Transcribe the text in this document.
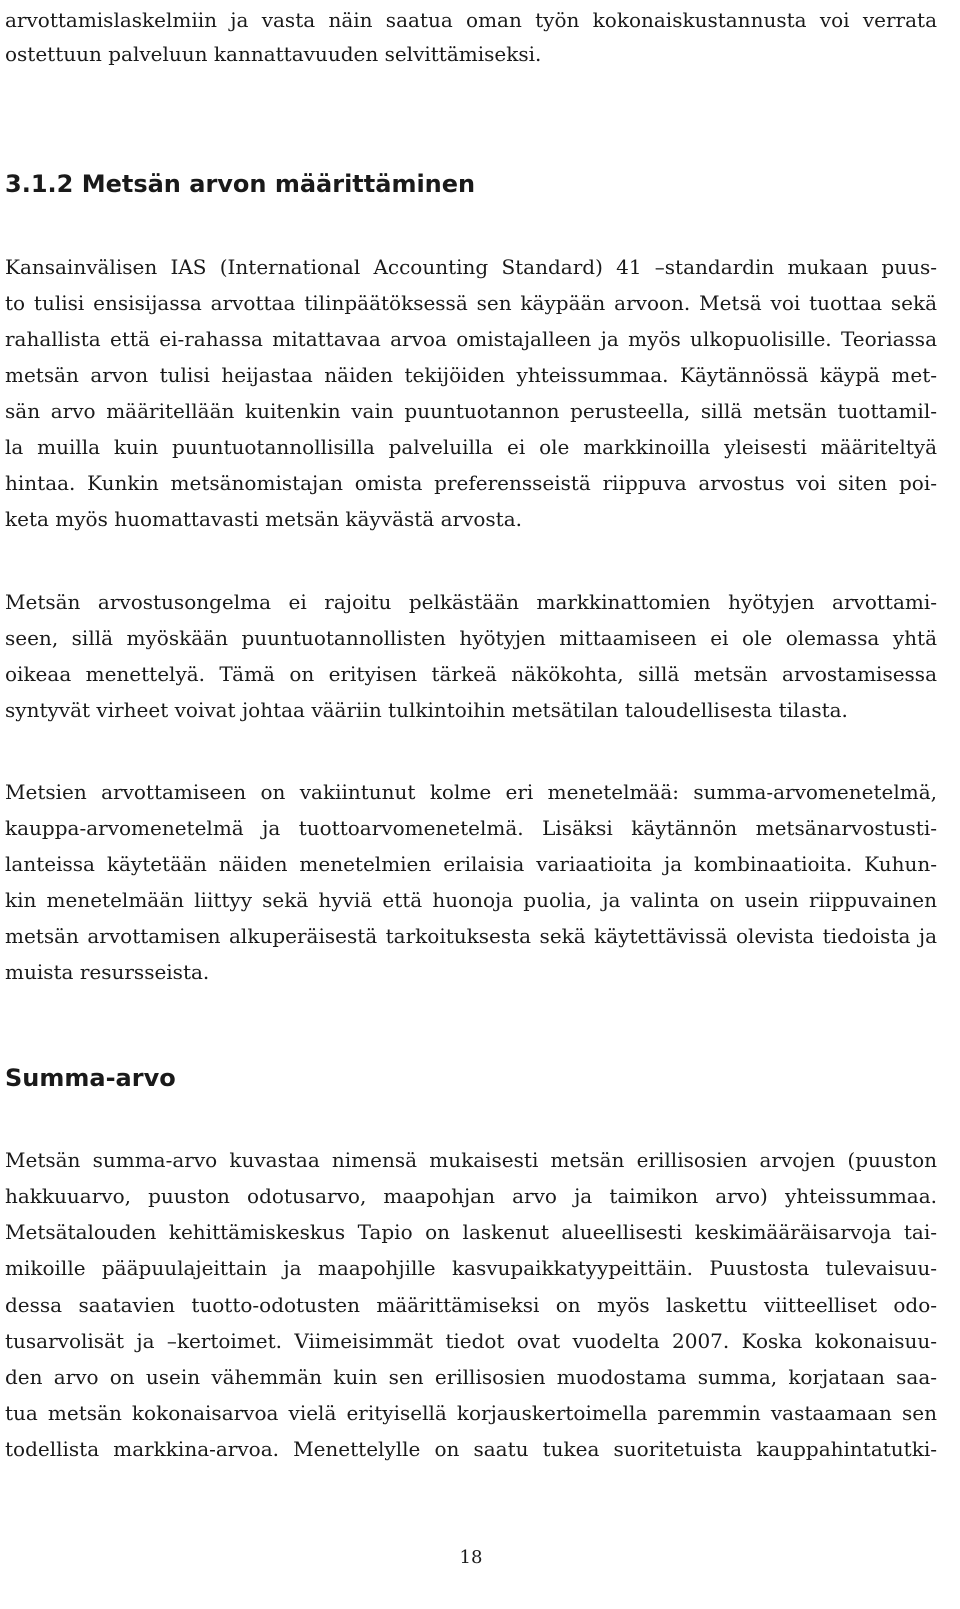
arvottamislaskelmiin ja vasta näin saatua oman työn kokonaiskustannusta voi verrata
ostettuun palveluun kannattavuuden selvittämiseksi.
3.1.2 Metsän arvon määrittäminen
Kansainvälisen IAS (International Accounting Standard) 41 –standardin mukaan puus-
to tulisi ensisijassa arvottaa tilinpäätöksessä sen käypään arvoon. Metsä voi tuottaa sekä
rahallista että ei-rahassa mitattavaa arvoa omistajalleen ja myös ulkopuolisille. Teoriassa
metsän arvon tulisi heijastaa näiden tekijöiden yhteissummaa. Käytännössä käypä met-
sän arvo määritellään kuitenkin vain puuntuotannon perusteella, sillä metsän tuottamil-
la muilla kuin puuntuotannollisilla palveluilla ei ole markkinoilla yleisesti määriteltyä
hintaa. Kunkin metsänomistajan omista preferensseistä riippuva arvostus voi siten poi-
keta myös huomattavasti metsän käyvästä arvosta.
Metsän arvostusongelma ei rajoitu pelkästään markkinattomien hyötyjen arvottami-
seen, sillä myöskään puuntuotannollisten hyötyjen mittaamiseen ei ole olemassa yhtä
oikeaa menettelyä. Tämä on erityisen tärkeä näkökohta, sillä metsän arvostamisessa
syntyvät virheet voivat johtaa vääriin tulkintoihin metsätilan taloudellisesta tilasta.
Metsien arvottamiseen on vakiintunut kolme eri menetelmää: summa-arvomenetelmä,
kauppa-arvomenetelmä ja tuottoarvomenetelmä. Lisäksi käytännön metsänarvostusti-
lanteissa käytetään näiden menetelmien erilaisia variaatioita ja kombinaatioita. Kuhun-
kin menetelmään liittyy sekä hyviä että huonoja puolia, ja valinta on usein riippuvainen
metsän arvottamisen alkuperäisestä tarkoituksesta sekä käytettävissä olevista tiedoista ja
muista resursseista.
Summa-arvo
Metsän summa-arvo kuvastaa nimensä mukaisesti metsän erillisosien arvojen (puuston
hakkuuarvo, puuston odotusarvo, maapohjan arvo ja taimikon arvo) yhteissummaa.
Metsätalouden kehittämiskeskus Tapio on laskenut alueellisesti keskimääräisarvoja tai-
mikoille pääpuulajeittain ja maapohjille kasvupaikkatyypeittäin. Puustosta tulevaisuu-
dessa saatavien tuotto-odotusten määrittämiseksi on myös laskettu viitteelliset odo-
tusarvolisät ja –kertoimet. Viimeisimmät tiedot ovat vuodelta 2007. Koska kokonaisuu-
den arvo on usein vähemmän kuin sen erillisosien muodostama summa, korjataan saa-
tua metsän kokonaisarvoa vielä erityisellä korjauskertoimella paremmin vastaamaan sen
todellista markkina-arvoa. Menettelylle on saatu tukea suoritetuista kauppahintatutki-
18
